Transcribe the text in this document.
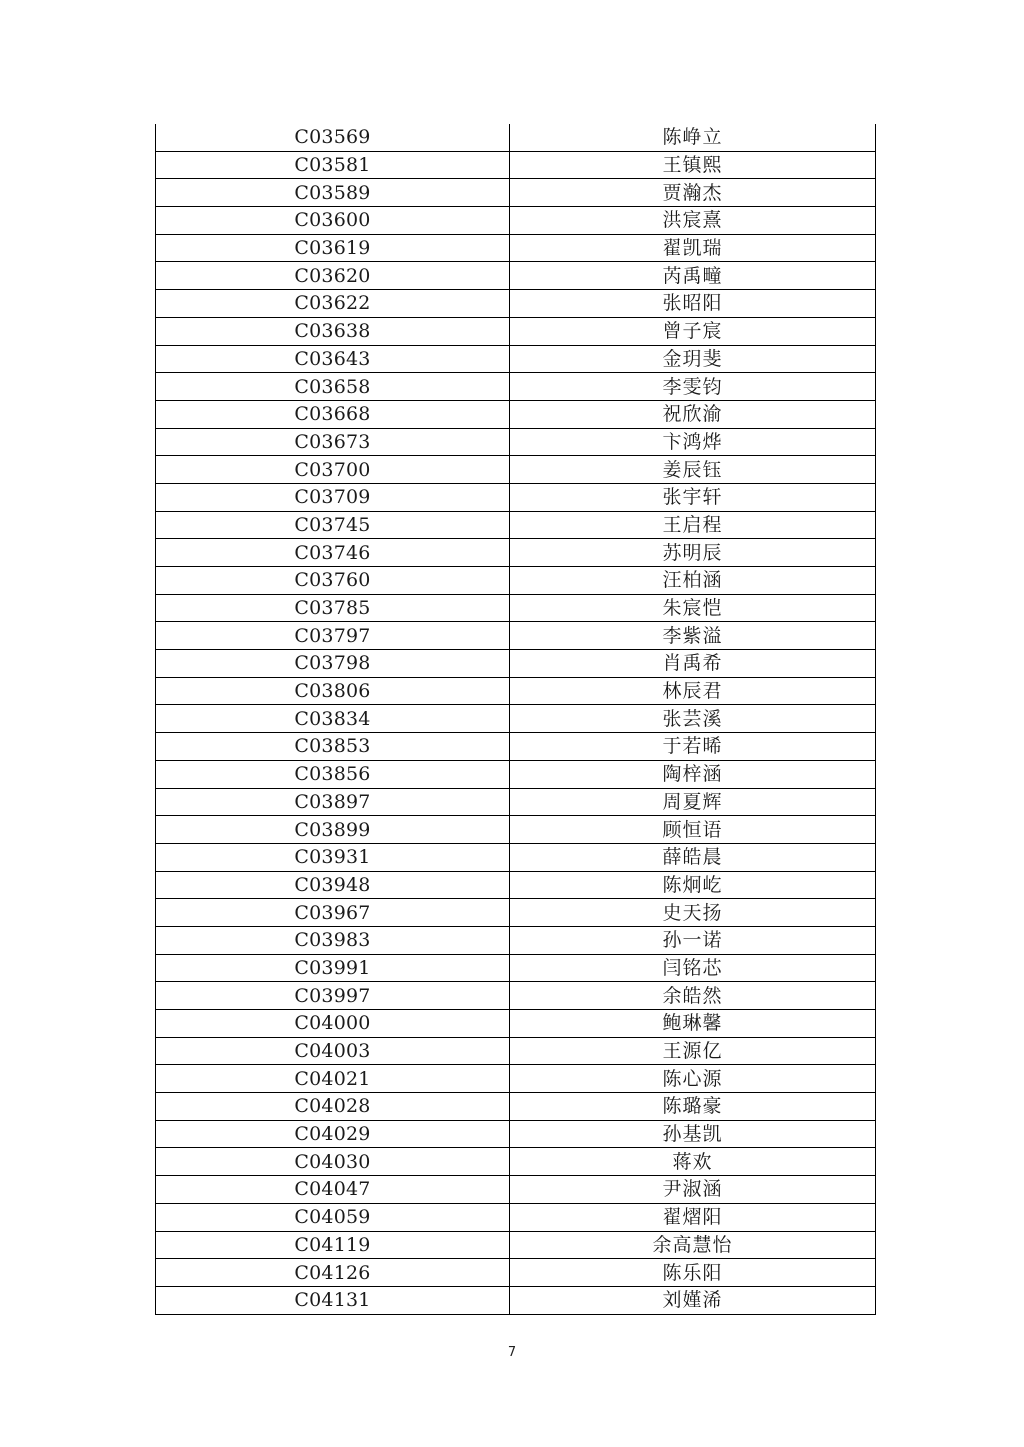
C03569	陈峥立
C03581	王镇熙
C03589	贾瀚杰
C03600	洪宸熹
C03619	翟凯瑞
C03620	芮禹疃
C03622	张昭阳
C03638	曾子宸
C03643	金玥斐
C03658	李雯钧
C03668	祝欣渝
C03673	卞鸿烨
C03700	姜辰钰
C03709	张宇轩
C03745	王启程
C03746	苏明辰
C03760	汪柏涵
C03785	朱宸恺
C03797	李紫溢
C03798	肖禹希
C03806	林辰君
C03834	张芸溪
C03853	于若晞
C03856	陶梓涵
C03897	周夏辉
C03899	顾恒语
C03931	薛皓晨
C03948	陈炯屹
C03967	史天扬
C03983	孙一诺
C03991	闫铭芯
C03997	余皓然
C04000	鲍琳馨
C04003	王源亿
C04021	陈心源
C04028	陈璐豪
C04029	孙基凯
C04030	蒋欢
C04047	尹淑涵
C04059	翟熠阳
C04119	余高慧怡
C04126	陈乐阳
C04131	刘嫤浠
7
